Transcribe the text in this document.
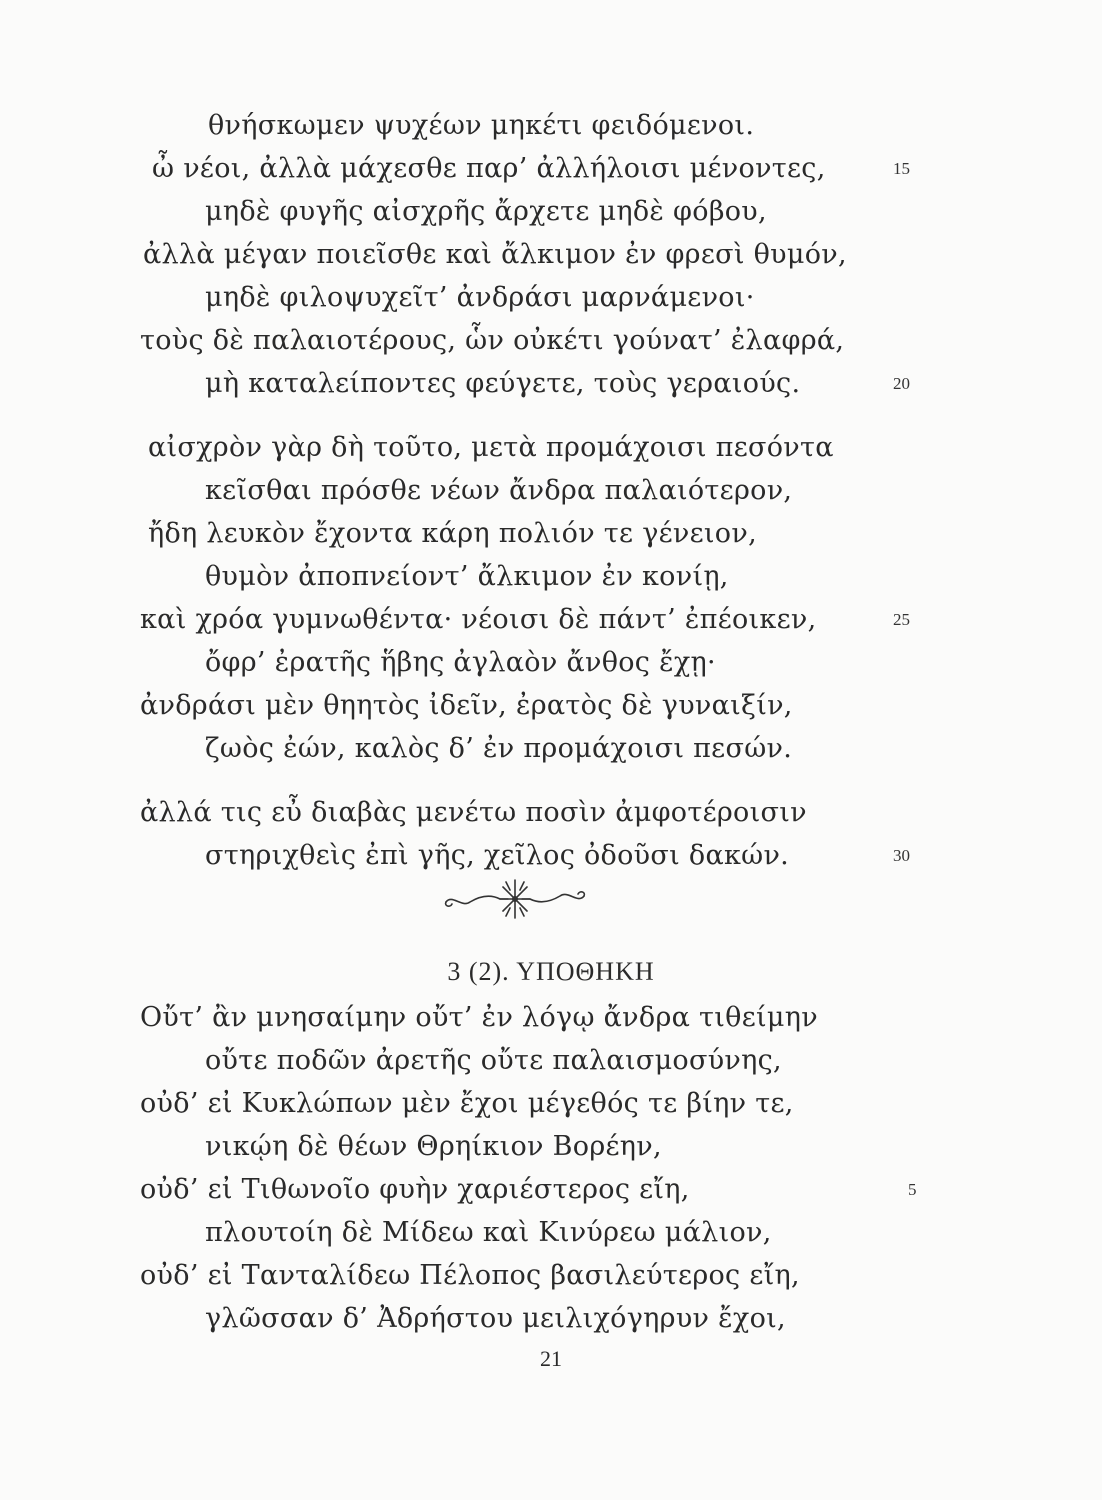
θνήσκωμεν ψυχέων μηκέτι φειδόμενοι.
ὦ νέοι, ἀλλὰ μάχεσθε παρ’ ἀλλήλοισι μένοντες,	15
μηδὲ φυγῆς αἰσχρῆς ἄρχετε μηδὲ φόβου,
ἀλλὰ μέγαν ποιεῖσθε καὶ ἄλκιμον ἐν φρεσὶ θυμόν,
μηδὲ φιλοψυχεῖτ’ ἀνδράσι μαρνάμενοι·
τοὺς δὲ παλαιοτέρους, ὧν οὐκέτι γούνατ’ ἐλαφρά,
μὴ καταλείποντες φεύγετε, τοὺς γεραιούς.	20
αἰσχρὸν γὰρ δὴ τοῦτο, μετὰ προμάχοισι πεσόντα
κεῖσθαι πρόσθε νέων ἄνδρα παλαιότερον,
ἤδη λευκὸν ἔχοντα κάρη πολιόν τε γένειον,
θυμὸν ἀποπνείοντ’ ἄλκιμον ἐν κονίῃ,
καὶ χρόα γυμνωθέντα· νέοισι δὲ πάντ’ ἐπέοικεν,	25
ὄφρ’ ἐρατῆς ἥβης ἀγλαὸν ἄνθος ἔχῃ·
ἀνδράσι μὲν θηητὸς ἰδεῖν, ἐρατὸς δὲ γυναιξίν,
ζωὸς ἐών, καλὸς δ’ ἐν προμάχοισι πεσών.
ἀλλά τις εὖ διαβὰς μενέτω ποσὶν ἀμφοτέροισιν
στηριχθεὶς ἐπὶ γῆς, χεῖλος ὀδοῦσι δακών.	30
3 (2). ΥΠΟΘΗΚΗ
Οὔτ’ ἂν μνησαίμην οὔτ’ ἐν λόγῳ ἄνδρα τιθείμην
οὔτε ποδῶν ἀρετῆς οὔτε παλαισμοσύνης,
οὐδ’ εἰ Κυκλώπων μὲν ἔχοι μέγεθός τε βίην τε,
νικῴη δὲ θέων Θρηίκιον Βορέην,
οὐδ’ εἰ Τιθωνοῖο φυὴν χαριέστερος εἴη,	5
πλουτοίη δὲ Μίδεω καὶ Κινύρεω μάλιον,
οὐδ’ εἰ Τανταλίδεω Πέλοπος βασιλεύτερος εἴη,
γλῶσσαν δ’ Ἀδρήστου μειλιχόγηρυν ἔχοι,
21
